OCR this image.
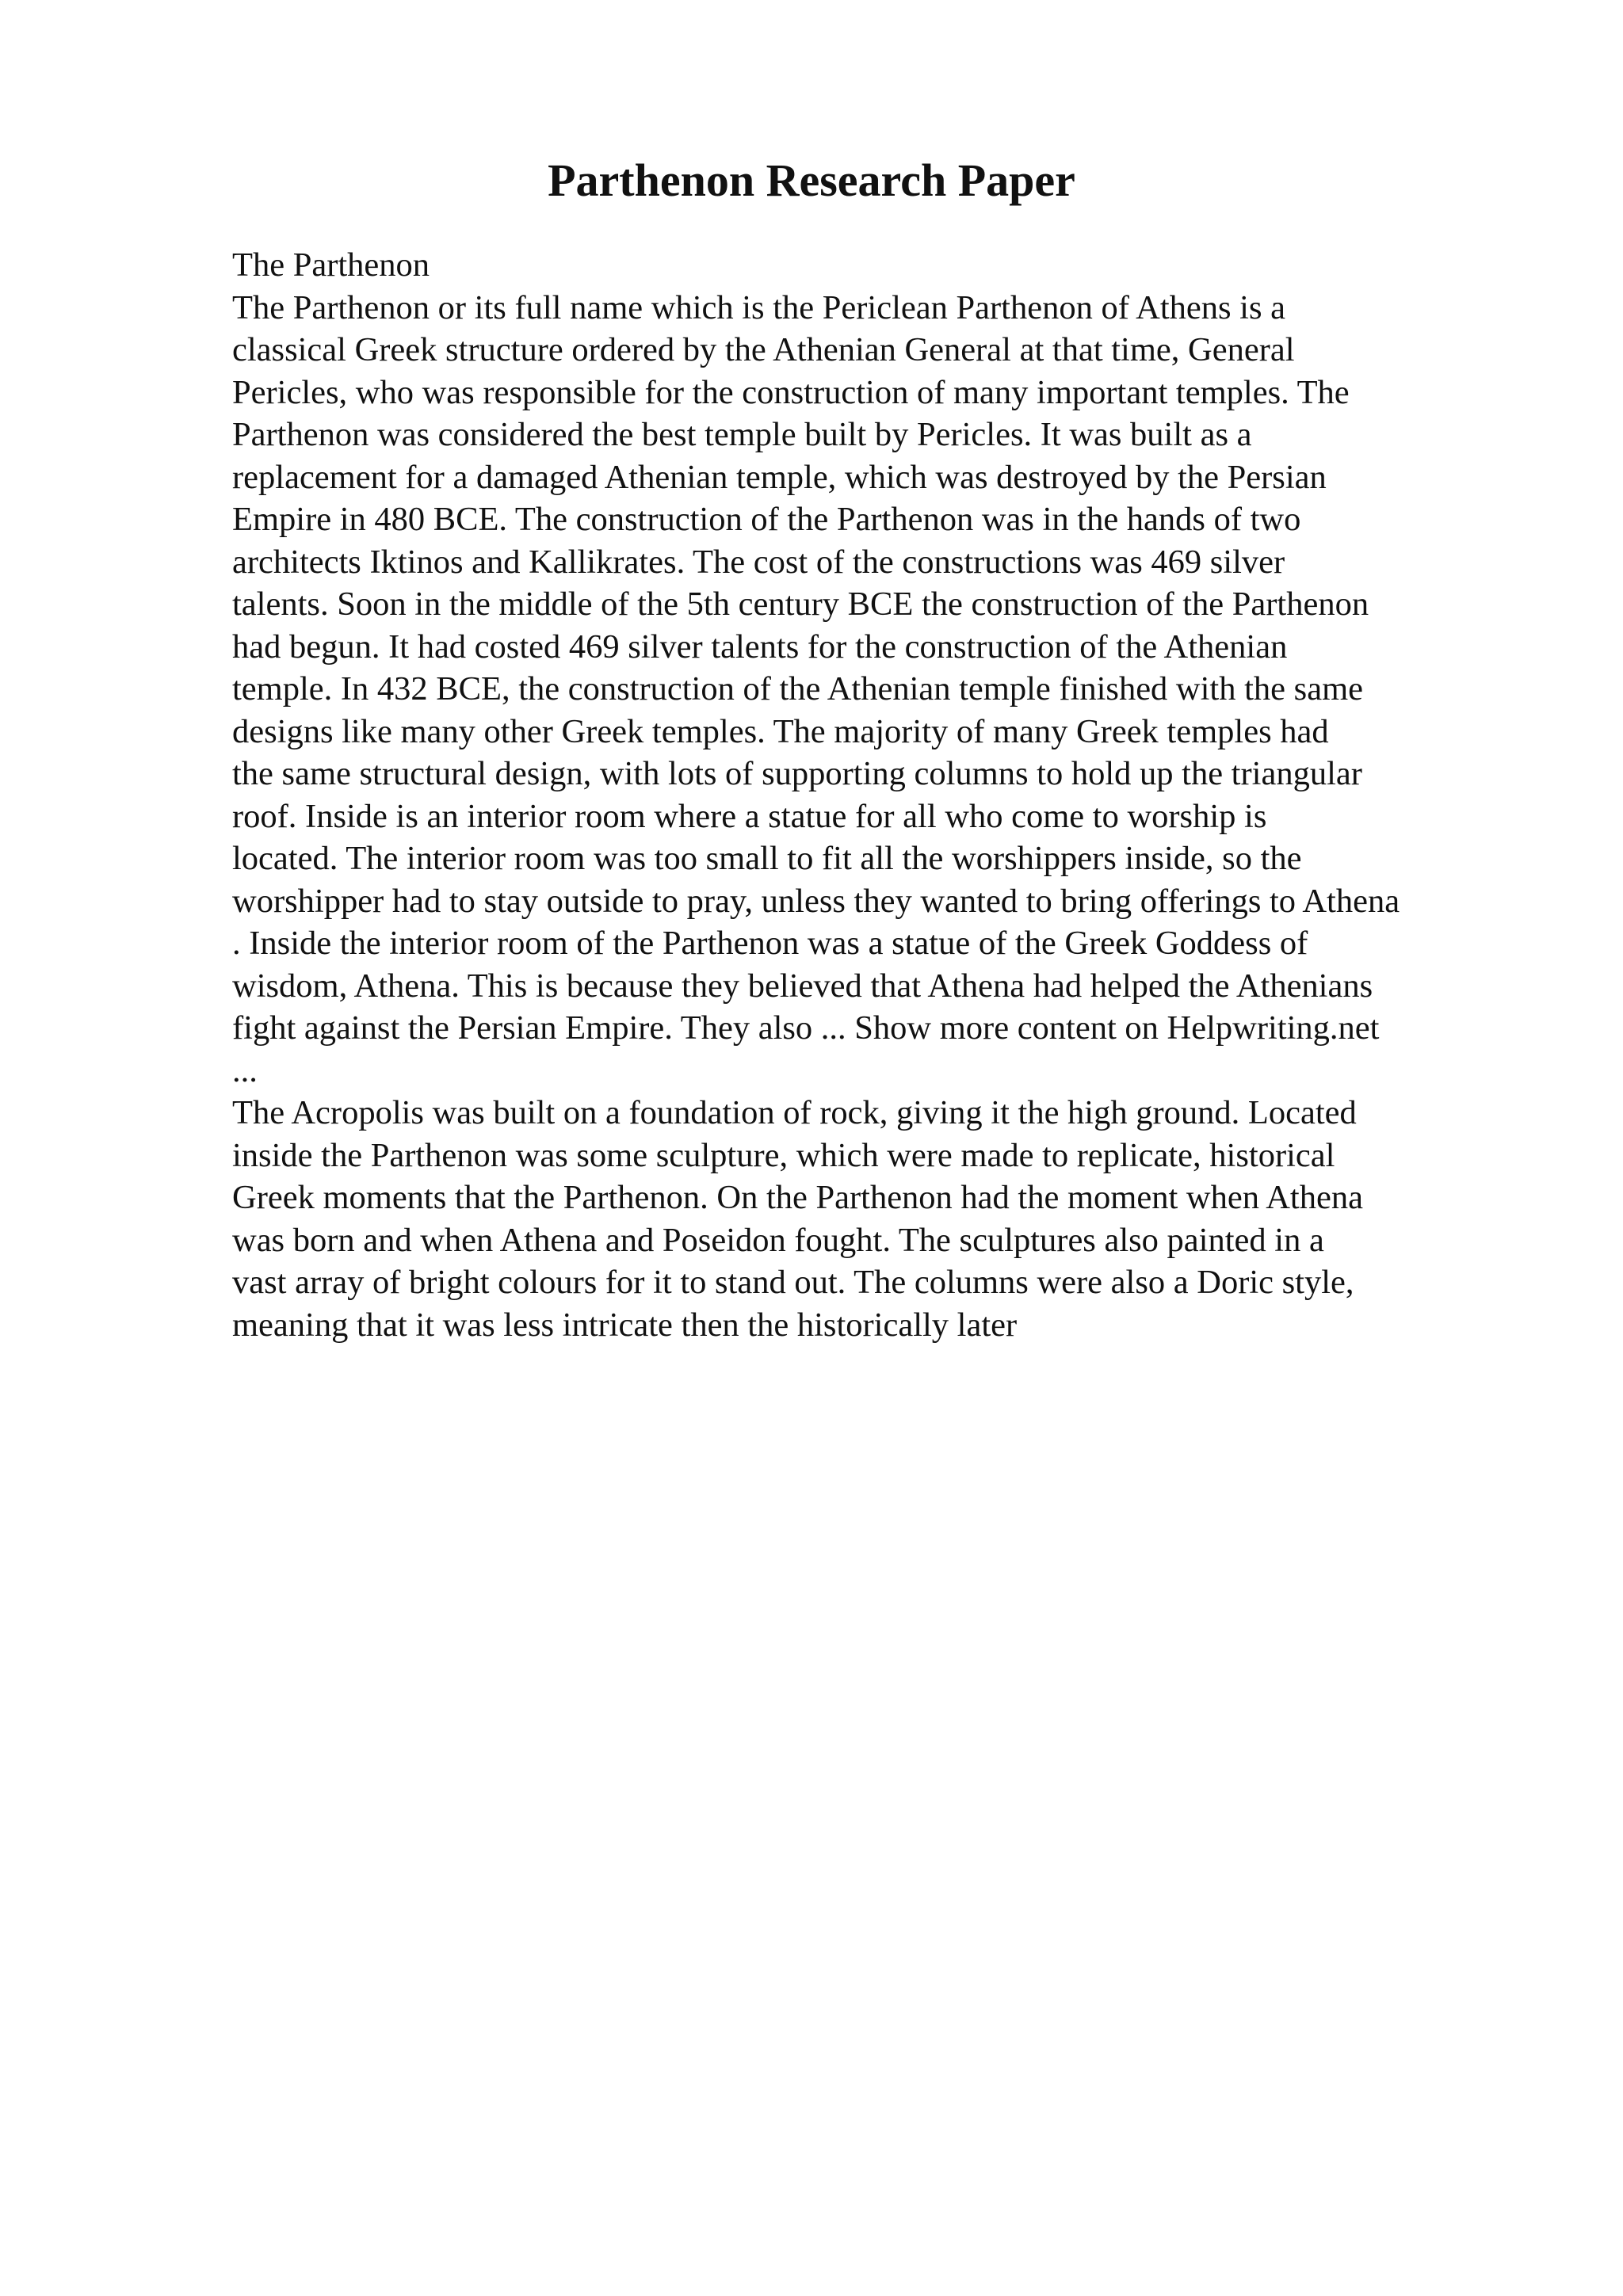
Parthenon Research Paper
The Parthenon
The Parthenon or its full name which is the Periclean Parthenon of Athens is a
classical Greek structure ordered by the Athenian General at that time, General
Pericles, who was responsible for the construction of many important temples. The
Parthenon was considered the best temple built by Pericles. It was built as a
replacement for a damaged Athenian temple, which was destroyed by the Persian
Empire in 480 BCE. The construction of the Parthenon was in the hands of two
architects Iktinos and Kallikrates. The cost of the constructions was 469 silver
talents. Soon in the middle of the 5th century BCE the construction of the Parthenon
had begun. It had costed 469 silver talents for the construction of the Athenian
temple. In 432 BCE, the construction of the Athenian temple finished with the same
designs like many other Greek temples. The majority of many Greek temples had
the same structural design, with lots of supporting columns to hold up the triangular
roof. Inside is an interior room where a statue for all who come to worship is
located. The interior room was too small to fit all the worshippers inside, so the
worshipper had to stay outside to pray, unless they wanted to bring offerings to Athena
. Inside the interior room of the Parthenon was a statue of the Greek Goddess of
wisdom, Athena. This is because they believed that Athena had helped the Athenians
fight against the Persian Empire. They also ... Show more content on Helpwriting.net
...
The Acropolis was built on a foundation of rock, giving it the high ground. Located
inside the Parthenon was some sculpture, which were made to replicate, historical
Greek moments that the Parthenon. On the Parthenon had the moment when Athena
was born and when Athena and Poseidon fought. The sculptures also painted in a
vast array of bright colours for it to stand out. The columns were also a Doric style,
meaning that it was less intricate then the historically later
